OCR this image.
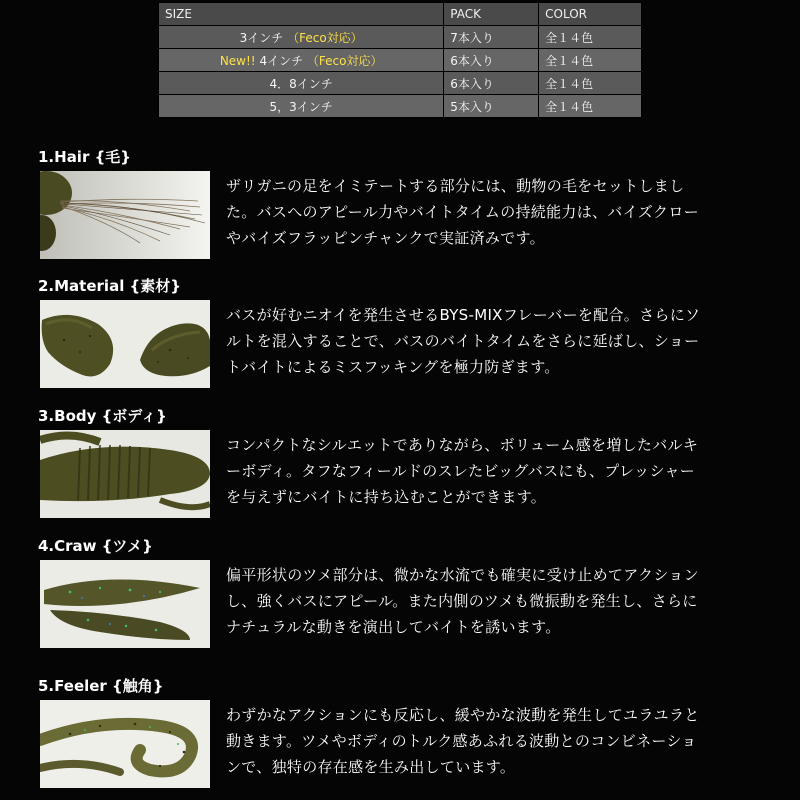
SIZE	PACK	COLOR
3インチ （Feco対応）	7本入り	全１４色
New!! 4インチ （Feco対応）	6本入り	全１４色
4．8インチ	6本入り	全１４色
5，3インチ	5本入り	全１４色
1.Hair {毛}
ザリガニの足をイミテートする部分には、動物の毛をセットしまし
た。バスへのアピール力やバイトタイムの持続能力は、バイズクロー
やバイズフラッピンチャンクで実証済みです。
2.Material {素材}
バスが好むニオイを発生させるBYS-MIXフレーバーを配合。さらにソ
ルトを混入することで、バスのバイトタイムをさらに延ばし、ショー
トバイトによるミスフッキングを極力防ぎます。
3.Body {ボディ}
コンパクトなシルエットでありながら、ボリューム感を増したバルキ
ーボディ。タフなフィールドのスレたビッグバスにも、プレッシャー
を与えずにバイトに持ち込むことができます。
4.Craw {ツメ}
偏平形状のツメ部分は、微かな水流でも確実に受け止めてアクション
し、強くバスにアピール。また内側のツメも微振動を発生し、さらに
ナチュラルな動きを演出してバイトを誘います。
5.Feeler {触角}
わずかなアクションにも反応し、緩やかな波動を発生してユラユラと
動きます。ツメやボディのトルク感あふれる波動とのコンビネーショ
ンで、独特の存在感を生み出しています。
